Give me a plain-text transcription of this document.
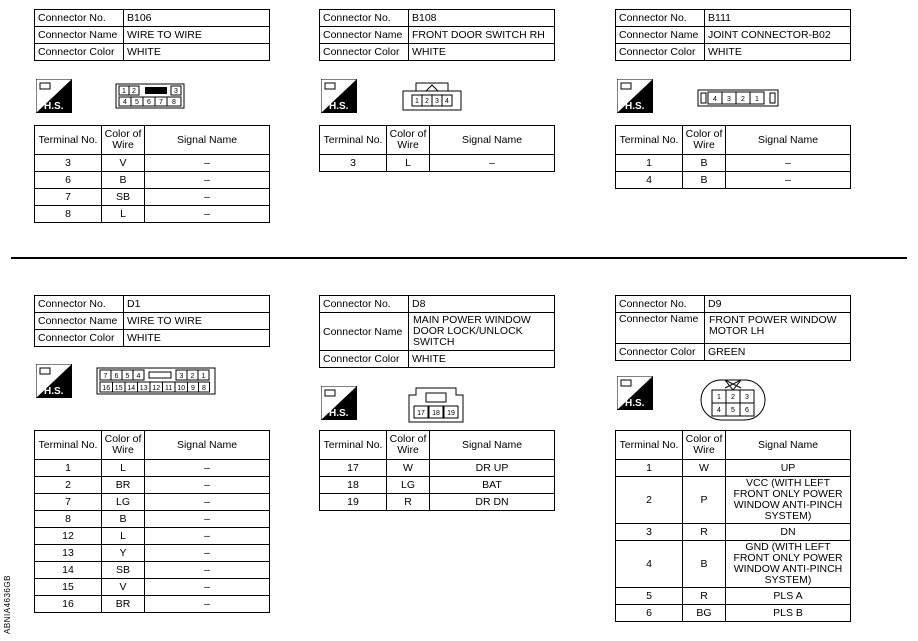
Connector No.	B106
Connector Name	WIRE TO WIRE
Connector Color	WHITE
H.S.
1 2	3
4 5 6 7 8
Terminal No.	Color of Wire	Signal Name
3	V	–
6	B	–
7	SB	–
8	L	–
Connector No.	B108
Connector Name	FRONT DOOR SWITCH RH
Connector Color	WHITE
H.S.	1 2 3 4
Terminal No.	Color of Wire	Signal Name
3	L	–
Connector No.	B111
Connector Name	JOINT CONNECTOR-B02
Connector Color	WHITE
H.S.
4 3 2 1
Terminal No.	Color of Wire	Signal Name
1	B	–
4	B	–
Connector No.	D1
Connector Name	WIRE TO WIRE
Connector Color	WHITE
H.S.
7 6 5 4	3 2 1
16 15 14 13 12 11 10 9 8
Terminal No.	Color of Wire	Signal Name
1	L	–
2	BR	–
7	LG	–
8	B	–
12	L	–
13	Y	–
14	SB	–
15	V	–
16	BR	–
Connector No.	D8
Connector Name	MAIN POWER WINDOW DOOR LOCK/UNLOCK SWITCH
Connector Color	WHITE
H.S.	17 18 19
Terminal No.	Color of Wire	Signal Name
17	W	DR UP
18	LG	BAT
19	R	DR DN
Connector No.	D9
Connector Name	FRONT POWER WINDOW MOTOR LH
Connector Color	GREEN
H.S.
1 2 3
4 5 6
Terminal No.	Color of Wire	Signal Name
1	W	UP
2	P	VCC (WITH LEFT FRONT ONLY POWER WINDOW ANTI-PINCH SYSTEM)
3	R	DN
4	B	GND (WITH LEFT FRONT ONLY POWER WINDOW ANTI-PINCH SYSTEM)
5	R	PLS A
6	BG	PLS B
ABNIA4636GB
